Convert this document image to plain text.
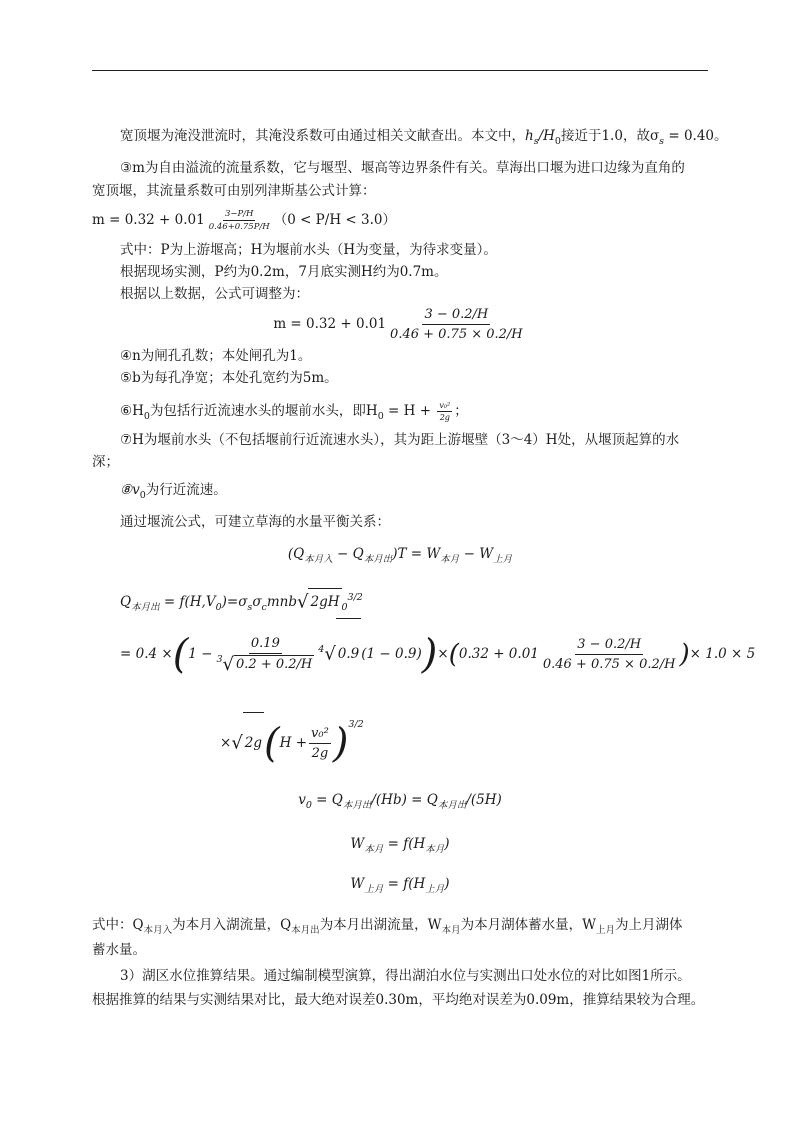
宽顶堰为淹没泄流时，其淹没系数可由通过相关文献查出。本文中，$h_s/H_0$接近于1.0，故$\sigma_s = 0.40$。
③m为自由溢流的流量系数，它与堰型、堰高等边界条件有关。草海出口堰为进口边缘为直角的
宽顶堰，其流量系数可由别列津斯基公式计算：
$m = 0.32 + 0.01 \frac{3-P/H}{0.46+0.75P/H} (0 < P/H < 3.0)$
式中：P为上游堰高；H为堰前水头（H为变量，为待求变量）。
根据现场实测，P约为0.2m，7月底实测H约为0.7m。
根据以上数据，公式可调整为：
$m = 0.32 + 0.01 \frac{3 - 0.2/H}{0.46 + 0.75 \times 0.2/H}$
④n为闸孔孔数；本处闸孔为1。
⑤b为每孔净宽；本处孔宽约为5m。
$⑥H_0$为包括行近流速水头的堰前水头，即$H_0 = H + \frac{\text{v₀²}}{2g}$ ；
⑦H为堰前水头（不包括堰前行近流速水头），其为距上游堰壁（3～4）H处，从堰顶起算的水
深；
$⑧v_0$为行近流速。
通过堰流公式，可建立草海的水量平衡关系：
$(Q_{本月入} - Q_{本月出})T = W_{本月} - W_{上月}$
$Q_{本月出} = f(H,V_0)=\sigma_s\sigma_cmnb√$ 2gH $_0^{3/2}$
= $0.4 \times(1 - \frac{0.19}{^3√ 0.2 + 0.2/H} ^4√$ 0.9 $(1 - 0.9))\times(0.32 + 0.01 \frac{3 - 0.2/H}{0.46 + 0.75 \times 0.2/H}$ )× 1.0 × 5
×√ $2g(H + \frac{\text{v₀²}}{2g} )^{3/2}$
$v_0 = Q_{本月出}/(Hb) = Q_{本月出}/(5H)$
$W_{本月} = f(H_{本月})$
$W_{上月} = f(H_{上月})$
式中：$Q_{本月入}$为本月入湖流量，$Q_{本月出}$为本月出湖流量，$W_{本月}$为本月湖体蓄水量，$W_{上月}$为上月湖体
蓄水量。
3）湖区水位推算结果。通过编制模型演算，得出湖泊水位与实测出口处水位的对比如图1所示。
根据推算的结果与实测结果对比，最大绝对误差0.30m，平均绝对误差为0.09m，推算结果较为合理。
